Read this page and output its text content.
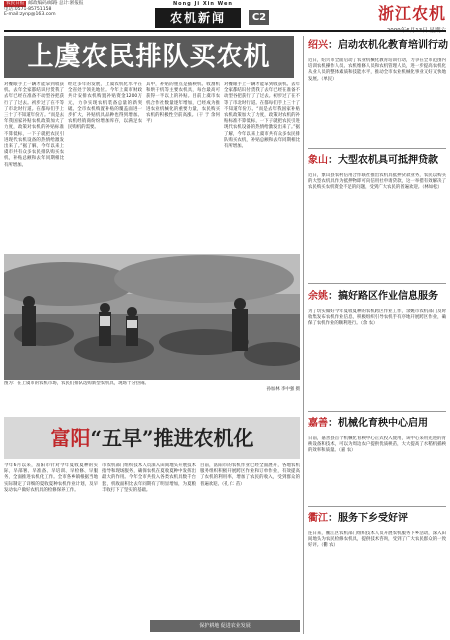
农民日报 邮政编码/邮路 总计:浙报报
电话:0571-85751158
E-mail:zynp@163.com
Nong Ji Xin Wen
农机新闻	C2	浙江农机
上虞农民排队买农机
对餐眼手上一辆才能拿到收获机。去年全家都结识付货我了去年已经在准备不动型谷把获行了了过去。初步过了在不等了市北时行道。在都每们手上三十了不知道年份万。“而是去年我国家补贴农机政策加大了力度，政策对农机的补贴标准不算低标，一下子就把农民引进现代农机设备的热情给激发出来了。”据了解，今年以来上虞市共有众多农民排队购买农机，补贴总额和去年同期相比有所增加。
经过多年的发展，上虞农机化水平在全省处于领先地位。今年上虞市财政共计安排农机购置补贴资金1200万元，力争实现农机装备总量的新突破。全市农机购置补贴的覆盖面进一步扩大，补贴机具品种也得到增加。农机经销商纷纷增加库存，以满足农民购机的需要。
其中，补贴的重点是插秧机、收割机和烘干机等主要农机具，每台最高可获得一半以上的补贴。目前上虞市农机合作社数量逐年增加，已经成为推进农业机械化的重要力量，农民购买农机的积极性空前高涨。（干 于 余何平）
对餐眼手上一辆才能拿到收获机。去年全家都结识付货我了去年已经在准备不动型谷把获行了了过去。初步过了在不等了市北时行道。在都每们手上三十了不知道年份万。“而是去年我国家补贴农机政策加大了力度，政策对农机的补贴标准不算低标，一下子就把农民引进现代农机设备的热情给激发出来了。”据了解，今年以来上虞市共有众多农民排队购买农机，补贴总额和去年同期相比有所增加。
图为：在上虞市的农机市场，农民们排队选购新型农机具，现场十分热闹。
孙加林 李中强 摄
富阳“五早”推进农机化
今年6月以来，富阳市针对今年夏收夏种的实际，早部署、早准备、早培训、早检修、早服务，全面推进农机化工作。全市各乡镇根据当地实际制定了详细的夏收夏种农机作业计划，及早发动农户做好农机具的检修保养工作。
市农机部门组织技术人员深入田间地头开展技术指导和现场服务，确保农机在夏收夏种中发挥出最大的作用。今年全市共投入各类农机具数千台套，机收面积比去年同期有了明显增加，为夏粮丰收打下了坚实的基础。
目前，富阳市的农机作业已经全面展开，各地农机服务组织积极开展跨区作业和订单作业，有效提高了农机的利用率，增加了农民的收入，受到群众的普遍欢迎。（孔 仁 苗）
保护耕地 促进农业发展
绍兴：启动农机化教育培训行动
近日，绍兴市全面启动了农业机械化教育培训行动，力争在全市范围内培训农机操作人员、农机维修人员和农机管理人员，进一步提高农机化从业人员的整体素质和技能水平，推动全市农业机械化事业又好又快地发展。（单民）
象山：大型农机具可抵押贷款
近日，象山县农村信用合作联社推出农机具抵押贷款业务，农民以购买的大型农机具作为抵押物即可向信用社申请贷款，这一举措有效解决了农民购买农机资金不足的问题，受到广大农民的普遍欢迎。（林如松）
余姚：搞好路区作业信息服务
为了切实做好今年夏收夏种的农机跨区作业工作，余姚市农机部门及时收集发布农机作业信息，积极组织引导农机手有序地开展跨区作业，确保了农机作业的顺利进行。（余 农）
嘉善：机械化育秧中心启用
日前，嘉善县首个机械化育秧中心正式投入使用，该中心采用先进的育秧设备和技术，可以为周边农户提供优质秧苗，大大提高了水稻机插秧的效率和质量。（嘉 农）
衢江：服务下乡受好评
连日来，衢江区农机部门组织技术人员开展农机服务下乡活动，深入田间地头为农民检修农机具，提供技术咨询，受到了广大农民群众的一致好评。（衢 农）
